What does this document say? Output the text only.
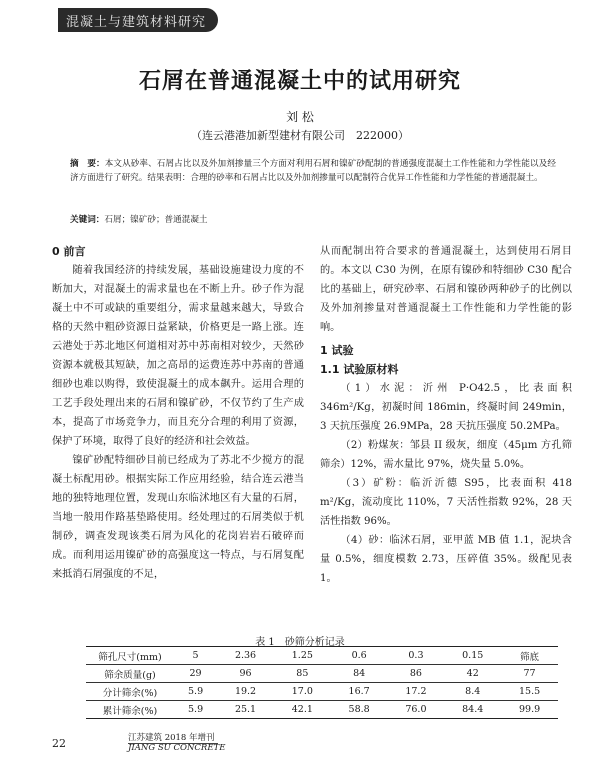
混凝土与建筑材料研究
石屑在普通混凝土中的试用研究
刘 松
（连云港港加新型建材有限公司　222000）
摘　要：本文从砂率、石屑占比以及外加剂掺量三个方面对利用石屑和镍矿砂配制的普通强度混凝土工作性能和力学性能以及经济方面进行了研究。结果表明：合理的砂率和石屑占比以及外加剂掺量可以配制符合优异工作性能和力学性能的普通混凝土。
关键词：石屑；镍矿砂；普通混凝土

0 前言

随着我国经济的持续发展，基础设施建设力度的不断加大，对混凝土的需求量也在不断上升。砂子作为混凝土中不可或缺的重要组分，需求量越来越大，导致合格的天然中粗砂资源日益紧缺，价格更是一路上涨。连云港处于苏北地区何道相对苏中苏南相对较少，天然砂资源本就极其短缺，加之高昂的运费连苏中苏南的普通细砂也难以购得，致使混凝土的成本飙升。运用合理的工艺手段处理出来的石屑和镍矿砂，不仅节约了生产成本，提高了市场竞争力，而且充分合理的利用了资源，保护了环境，取得了良好的经济和社会效益。

镍矿砂配特细砂目前已经成为了苏北不少搅方的混凝土标配用砂。根据实际工作应用经验，结合连云港当地的独特地理位置，发现山东临沭地区有大量的石屑，当地一般用作路基垫路使用。经处理过的石屑类似于机制砂，调查发现该类石屑为风化的花岗岩岩石破碎而成。而利用运用镍矿砂的高强度这一特点，与石屑复配来抵消石屑强度的不足，

从而配制出符合要求的普通混凝土，达到使用石屑目的。本文以 C30 为例，在原有镍砂和特细砂 C30 配合比的基础上，研究砂率、石屑和镍砂两种砂子的比例以及外加剂掺量对普通混凝土工作性能和力学性能的影响。

1 试验

1.1 试验原材料

（1）水泥：沂州 P·O42.5，比表面积 346m²/Kg，初凝时间 186min，终凝时间 249min，3 天抗压强度 26.9MPa，28 天抗压强度 50.2MPa。

（2）粉煤灰：邹县 II 级灰，细度（45μm 方孔筛筛余）12%，需水量比 97%，烧失量 5.0%。

（3）矿粉：临沂沂德 S95，比表面积 418 m²/Kg，流动度比 110%，7 天活性指数 92%，28 天活性指数 96%。

（4）砂：临沭石屑，亚甲蓝 MB 值 1.1，泥块含量 0.5%，细度模数 2.73，压碎值 35%。级配见表 1。

表 1　砂筛分析记录
筛孔尺寸(mm)	5	2.36	1.25	0.6	0.3	0.15	筛底
筛余质量(g)	29	96	85	84	86	42	77
分计筛余(%)	5.9	19.2	17.0	16.7	17.2	8.4	15.5
累计筛余(%)	5.9	25.1	42.1	58.8	76.0	84.4	99.9
22	江苏建筑 2018 年增刊
JIANG SU CONCRETE
